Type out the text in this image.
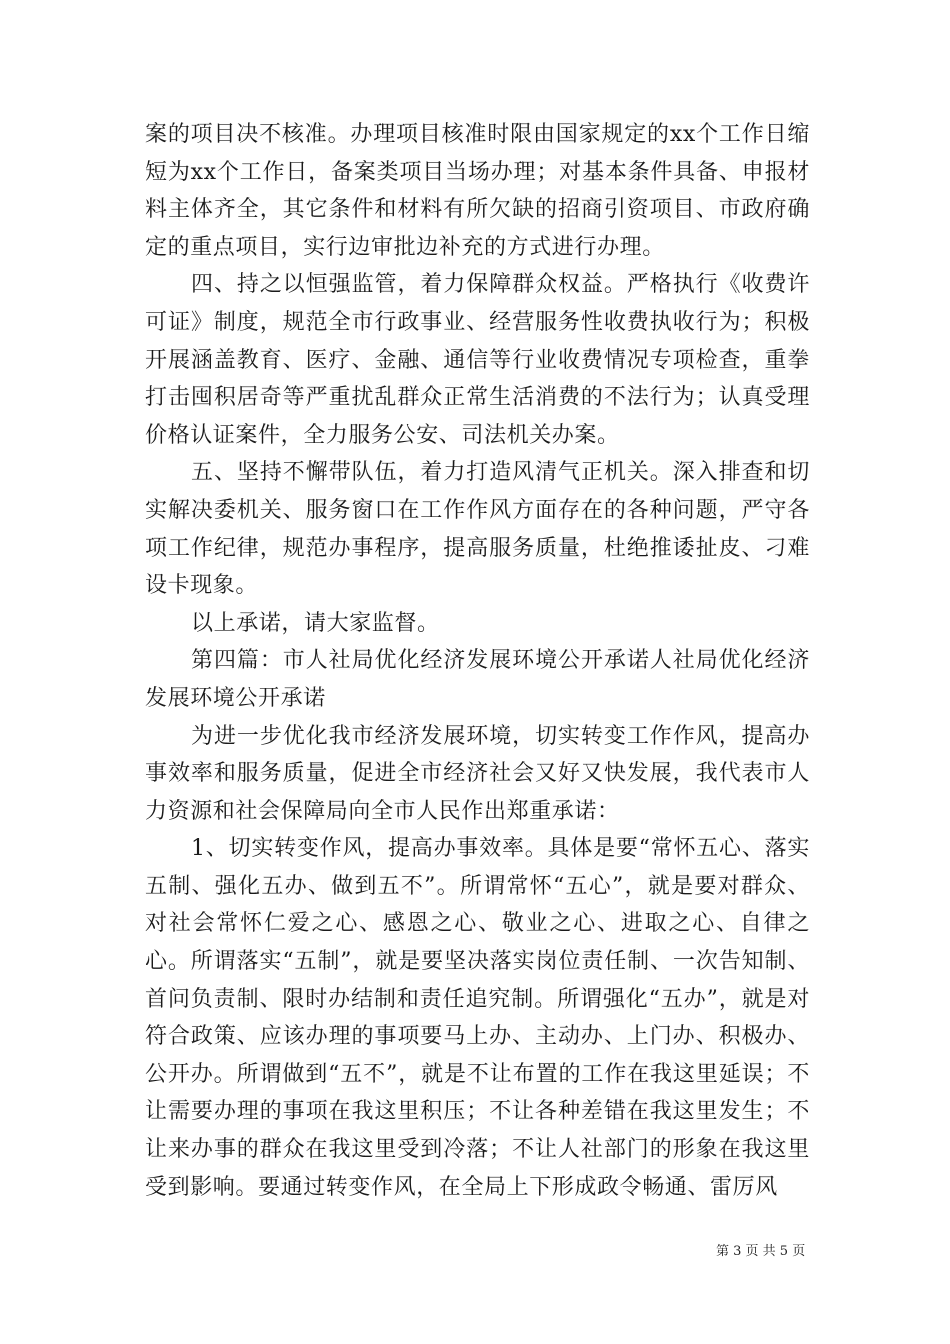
案的项目决不核准。办理项目核准时限由国家规定的xx个工作日缩短为xx个工作日，备案类项目当场办理；对基本条件具备、申报材料主体齐全，其它条件和材料有所欠缺的招商引资项目、市政府确定的重点项目，实行边审批边补充的方式进行办理。

四、持之以恒强监管，着力保障群众权益。严格执行《收费许可证》制度，规范全市行政事业、经营服务性收费执收行为；积极开展涵盖教育、医疗、金融、通信等行业收费情况专项检查，重拳打击囤积居奇等严重扰乱群众正常生活消费的不法行为；认真受理价格认证案件，全力服务公安、司法机关办案。

五、坚持不懈带队伍，着力打造风清气正机关。深入排查和切实解决委机关、服务窗口在工作作风方面存在的各种问题，严守各项工作纪律，规范办事程序，提高服务质量，杜绝推诿扯皮、刁难设卡现象。

以上承诺，请大家监督。

第四篇：市人社局优化经济发展环境公开承诺人社局优化经济发展环境公开承诺

为进一步优化我市经济发展环境，切实转变工作作风，提高办事效率和服务质量，促进全市经济社会又好又快发展，我代表市人力资源和社会保障局向全市人民作出郑重承诺：

1、切实转变作风，提高办事效率。具体是要“常怀五心、落实五制、强化五办、做到五不”。所谓常怀“五心”，就是要对群众、对社会常怀仁爱之心、感恩之心、敬业之心、进取之心、自律之心。所谓落实“五制”，就是要坚决落实岗位责任制、一次告知制、首问负责制、限时办结制和责任追究制。所谓强化“五办”，就是对符合政策、应该办理的事项要马上办、主动办、上门办、积极办、公开办。所谓做到“五不”，就是不让布置的工作在我这里延误；不让需要办理的事项在我这里积压；不让各种差错在我这里发生；不让来办事的群众在我这里受到冷落；不让人社部门的形象在我这里受到影响。要通过转变作风，在全局上下形成政令畅通、雷厉风

第 3 页 共 5 页
